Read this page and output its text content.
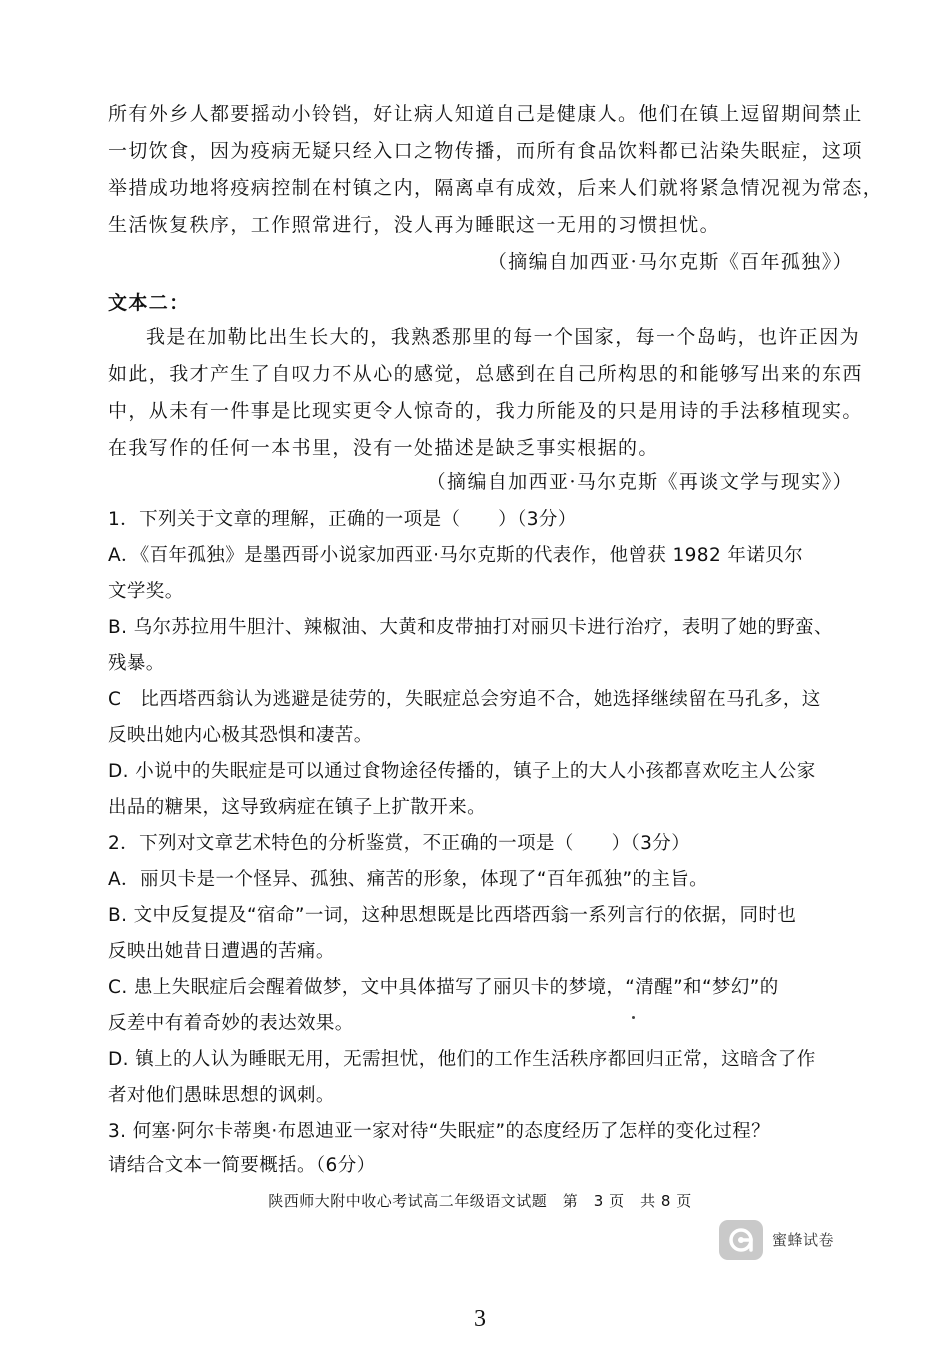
所有外乡人都要摇动小铃铛，好让病人知道自己是健康人。他们在镇上逗留期间禁止
一切饮食，因为疫病无疑只经入口之物传播，而所有食品饮料都已沾染失眠症，这项
举措成功地将疫病控制在村镇之内，隔离卓有成效，后来人们就将紧急情况视为常态，
生活恢复秩序，工作照常进行，没人再为睡眠这一无用的习惯担忧。
（摘编自加西亚·马尔克斯《百年孤独》）
文本二：
我是在加勒比出生长大的，我熟悉那里的每一个国家，每一个岛屿，也许正因为
如此，我才产生了自叹力不从心的感觉，总感到在自己所构思的和能够写出来的东西
中，从未有一件事是比现实更令人惊奇的，我力所能及的只是用诗的手法移植现实。
在我写作的任何一本书里，没有一处描述是缺乏事实根据的。
（摘编自加西亚·马尔克斯《再谈文学与现实》）
1．下列关于文章的理解，正确的一项是（　　）（3分）
A．《百年孤独》是墨西哥小说家加西亚·马尔克斯的代表作，他曾获 1982 年诺贝尔
文学奖。
B. 乌尔苏拉用牛胆汁、辣椒油、大黄和皮带抽打对丽贝卡进行治疗，表明了她的野蛮、
残暴。
C　比西塔西翁认为逃避是徒劳的，失眠症总会穷追不合，她选择继续留在马孔多，这
反映出她内心极其恐惧和凄苦。
D. 小说中的失眠症是可以通过食物途径传播的，镇子上的大人小孩都喜欢吃主人公家
出品的糖果，这导致病症在镇子上扩散开来。
2．下列对文章艺术特色的分析鉴赏，不正确的一项是（　　）（3分）
A．丽贝卡是一个怪异、孤独、痛苦的形象，体现了“百年孤独”的主旨。
B. 文中反复提及“宿命”一词，这种思想既是比西塔西翁一系列言行的依据，同时也
反映出她昔日遭遇的苦痛。
C. 患上失眠症后会醒着做梦，文中具体描写了丽贝卡的梦境，“清醒”和“梦幻”的
反差中有着奇妙的表达效果。
D. 镇上的人认为睡眠无用，无需担忧，他们的工作生活秩序都回归正常，这暗含了作
者对他们愚昧思想的讽刺。
3. 何塞·阿尔卡蒂奥·布恩迪亚一家对待“失眠症”的态度经历了怎样的变化过程？
请结合文本一简要概括。（6分）
陕西师大附中收心考试高二年级语文试题　第　3 页　共 8 页
蜜蜂试卷
3
